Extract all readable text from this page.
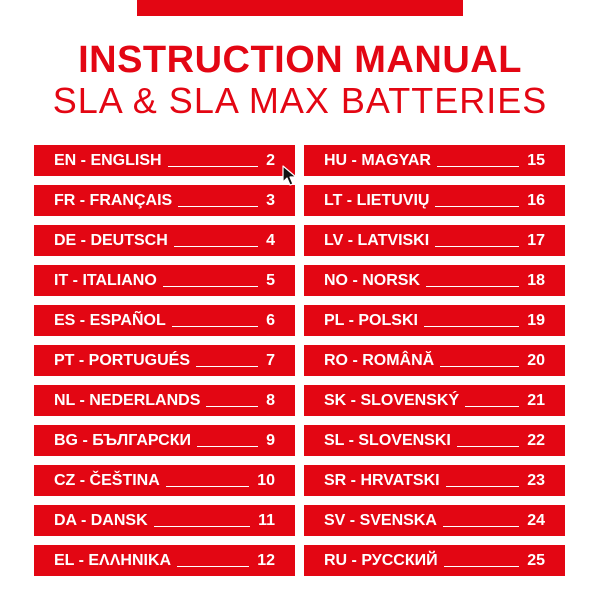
INSTRUCTION MANUAL
SLA & SLA MAX BATTERIES
EN - ENGLISH	2	HU - MAGYAR	15
FR - FRANÇAIS	3	LT - LIETUVIŲ	16
DE - DEUTSCH	4	LV - LATVISKI	17
IT - ITALIANO	5	NO - NORSK	18
ES - ESPAÑOL	6	PL - POLSKI	19
PT - PORTUGUÉS	7	RO - ROMÂNĂ	20
NL - NEDERLANDS	8	SK - SLOVENSKÝ	21
BG - БЪЛГАРСКИ	9	SL - SLOVENSKI	22
CZ - ČEŠTINA	10	SR - HRVATSKI	23
DA - DANSK	11	SV - SVENSKA	24
EL - ΕΛΛΗΝΙΚΑ	12	RU - РУССКИЙ	25
